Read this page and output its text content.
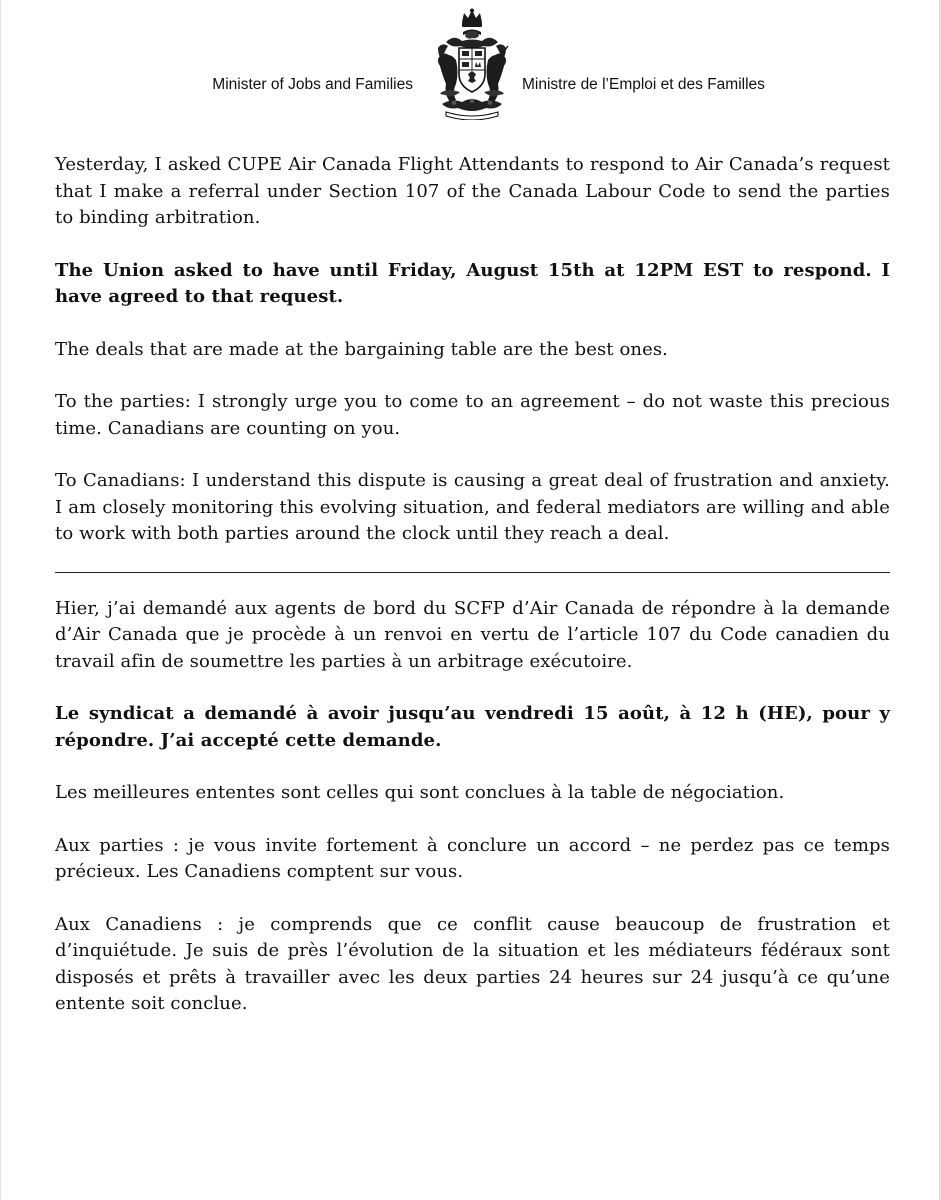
Minister of Jobs and Families	Ministre de l’Emploi et des Familles

Yesterday, I asked CUPE Air Canada Flight Attendants to respond to Air Canada’s request that I make a referral under Section 107 of the Canada Labour Code to send the parties to binding arbitration.

The Union asked to have until Friday, August 15th at 12PM EST to respond. I have agreed to that request.

The deals that are made at the bargaining table are the best ones.

To the parties: I strongly urge you to come to an agreement – do not waste this precious time. Canadians are counting on you.

To Canadians: I understand this dispute is causing a great deal of frustration and anxiety. I am closely monitoring this evolving situation, and federal mediators are willing and able to work with both parties around the clock until they reach a deal.

Hier, j’ai demandé aux agents de bord du SCFP d’Air Canada de répondre à la demande d’Air Canada que je procède à un renvoi en vertu de l’article 107 du Code canadien du travail afin de soumettre les parties à un arbitrage exécutoire.

Le syndicat a demandé à avoir jusqu’au vendredi 15 août, à 12 h (HE), pour y répondre. J’ai accepté cette demande.

Les meilleures ententes sont celles qui sont conclues à la table de négociation.

Aux parties : je vous invite fortement à conclure un accord – ne perdez pas ce temps précieux. Les Canadiens comptent sur vous.

Aux Canadiens : je comprends que ce conflit cause beaucoup de frustration et d’inquiétude. Je suis de près l’évolution de la situation et les médiateurs fédéraux sont disposés et prêts à travailler avec les deux parties 24 heures sur 24 jusqu’à ce qu’une entente soit conclue.
